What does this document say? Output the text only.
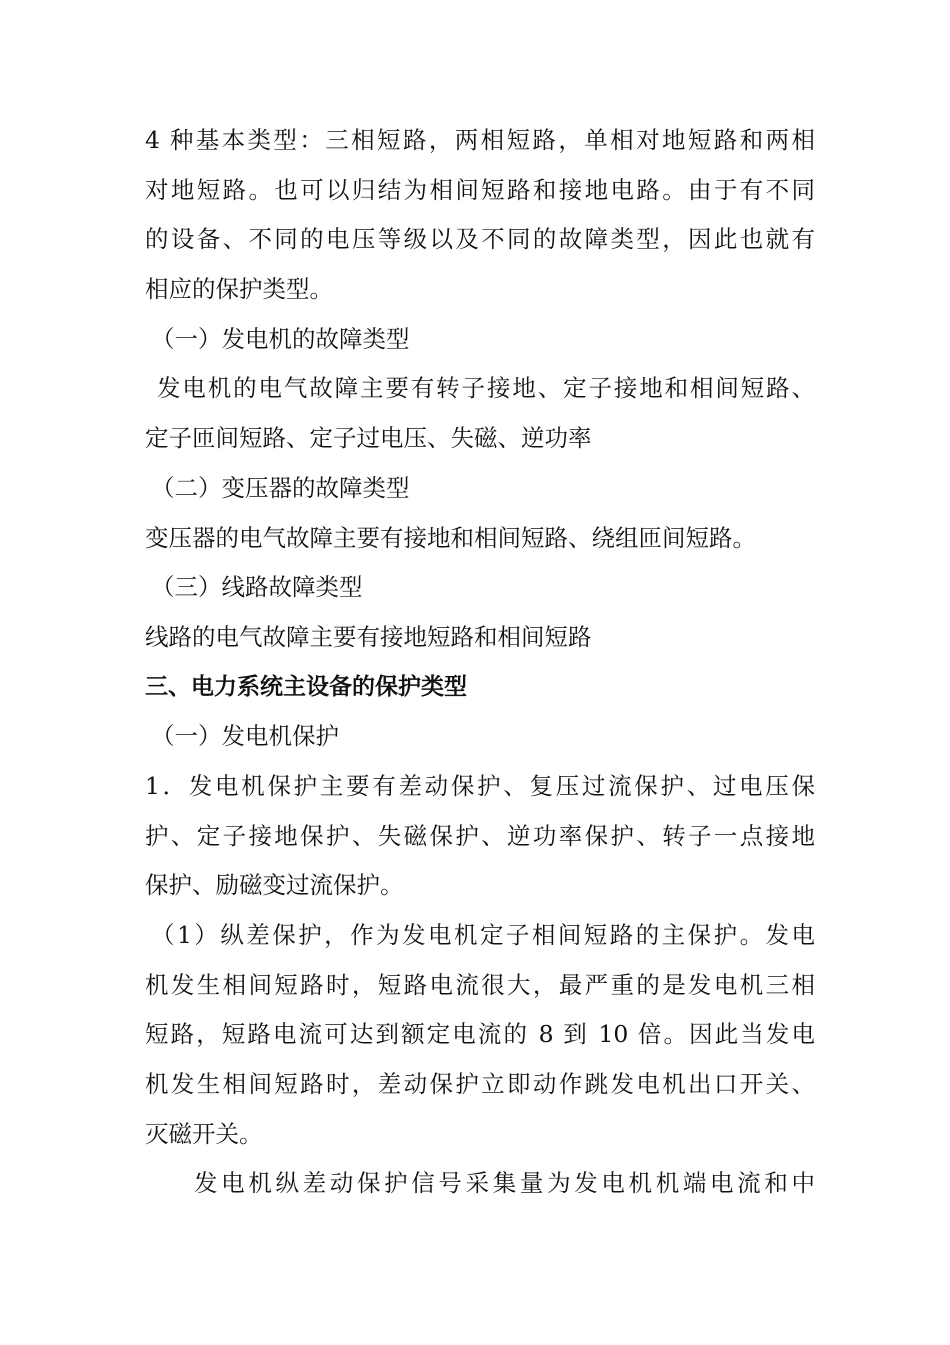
4 种基本类型：三相短路，两相短路，单相对地短路和两相
对地短路。也可以归结为相间短路和接地电路。由于有不同
的设备、不同的电压等级以及不同的故障类型，因此也就有
相应的保护类型。
（一）发电机的故障类型
发电机的电气故障主要有转子接地、定子接地和相间短路、
定子匝间短路、定子过电压、失磁、逆功率
（二）变压器的故障类型
变压器的电气故障主要有接地和相间短路、绕组匝间短路。
（三）线路故障类型
线路的电气故障主要有接地短路和相间短路
三、电力系统主设备的保护类型
（一）发电机保护
1．发电机保护主要有差动保护、复压过流保护、过电压保
护、定子接地保护、失磁保护、逆功率保护、转子一点接地
保护、励磁变过流保护。
（1）纵差保护，作为发电机定子相间短路的主保护。发电
机发生相间短路时，短路电流很大，最严重的是发电机三相
短路，短路电流可达到额定电流的 8 到 10 倍。因此当发电
机发生相间短路时，差动保护立即动作跳发电机出口开关、
灭磁开关。
发电机纵差动保护信号采集量为发电机机端电流和中
